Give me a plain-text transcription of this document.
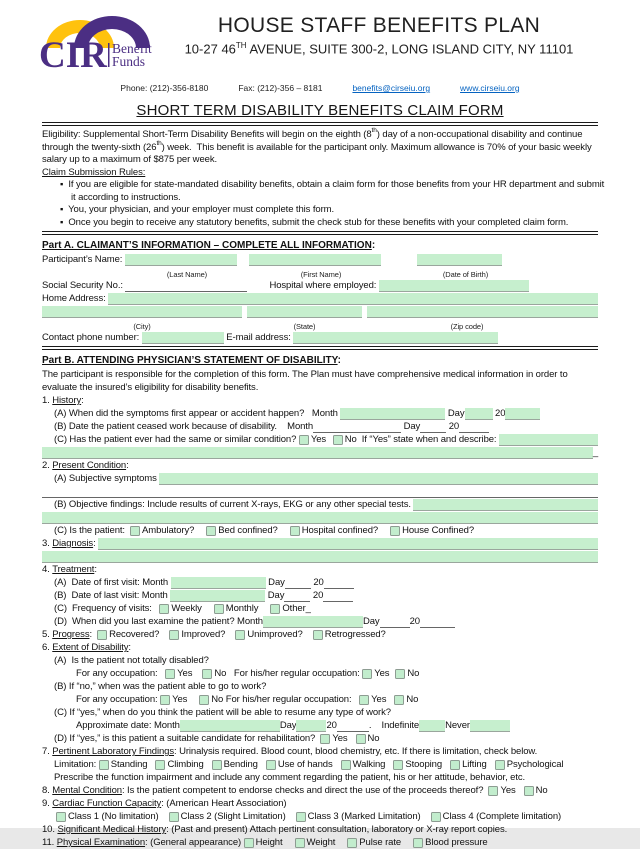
CIR Benefit
Funds
HOUSE STAFF BENEFITS PLAN
10-27 46TH AVENUE, SUITE 300-2, LONG ISLAND CITY, NY 11101
Phone: (212)-356-8180	Fax: (212)-356 – 8181	benefits@cirseiu.org	www.cirseiu.org
SHORT TERM DISABILITY BENEFITS CLAIM FORM
Eligibility: Supplemental Short-Term Disability Benefits will begin on the eighth (8 th ) day of a non-occupational disability and continue
through the twenty-sixth (26 th ) week.  This benefit is available for the participant only. Maximum allowance is 70% of your basic weekly
salary up to a maximum of $875 per week.
Claim Submission Rules:
▪  If you are eligible for state-mandated disability benefits, obtain a claim form for those benefits from your HR department and submit
it according to instructions.
▪  You, your physician, and your employer must complete this form.
▪  Once you begin to receive any statutory benefits, submit the check stub for these benefits with your completed claim form.
Part A. CLAIMANT’S INFORMATION – COMPLETE ALL INFORMATION:
Participant’s Name:
(Last Name)	(First Name)	(Date of Birth)
Social Security No.:	Hospital where employed:
Home Address:
(City)	(State)	(Zip code)
Contact phone number:	E-mail address:
Part B. ATTENDING PHYSICIAN’S STATEMENT OF DISABILITY:
The participant is responsible for the completion of this form. The Plan must have comprehensive medical information in order to
evaluate the insured’s eligibility for disability benefits.
1. History :
(A) When did the symptoms first appear or accident happen?   Month	Day	20
(B) Date the patient ceased work because of disability.    Month	Day	20
(C) Has the patient ever had the same or similar condition? Yes No If “Yes” state when and describe:
_
2. Present Condition :
(A) Subjective symptoms
(B) Objective findings: Include results of current X-rays, EKG or any other special tests.
(C) Is the patient: Ambulatory?	Bed confined?	Hospital confined?	House Confined?
3. Diagnosis :
4. Treatment :
(A)  Date of first visit: Month	Day	20
(B)  Date of last visit: Month	Day	20
(C)  Frequency of visits: Weekly	Monthly	Other _
(D)  When did you last examine the patient? Month	Day	20
5. Progress : Recovered? Improved? Unimproved? Retrogressed?
6. Extent of Disability :
(A)  Is the patient not totally disabled?
For any occupation: Yes No For his/her regular occupation: Yes No
(B) If “no,” when was the patient able to go to work?
For any occupation: Yes	No For his/her regular occupation: Yes No
(C) If “yes,” when do you think the patient will be able to resume any type of work?
Approximate date: Month	Day	20	.    Indefinite	Never
(D) If “yes,” is this patient a suitable candidate for rehabilitation? Yes No
7. Pertinent Laboratory Findings : Urinalysis required. Blood count, blood chemistry, etc. If there is limitation, check below.
Limitation: Standing Climbing Bending Use of hands Walking Stooping Lifting Psychological
Prescribe the function impairment and include any comment regarding the patient, his or her attitude, behavior, etc.
8. Mental Condition : Is the patient competent to endorse checks and direct the use of the proceeds thereof? Yes No
9. Cardiac Function Capacity : (American Heart Association)
Class 1 (No limitation) Class 2 (Slight Limitation) Class 3 (Marked Limitation) Class 4 (Complete limitation)
10. Significant Medical History : (Past and present) Attach pertinent consultation, laboratory or X-ray report copies.
11. Physical Examination : (General appearance) Height	Weight	Pulse rate	Blood pressure
